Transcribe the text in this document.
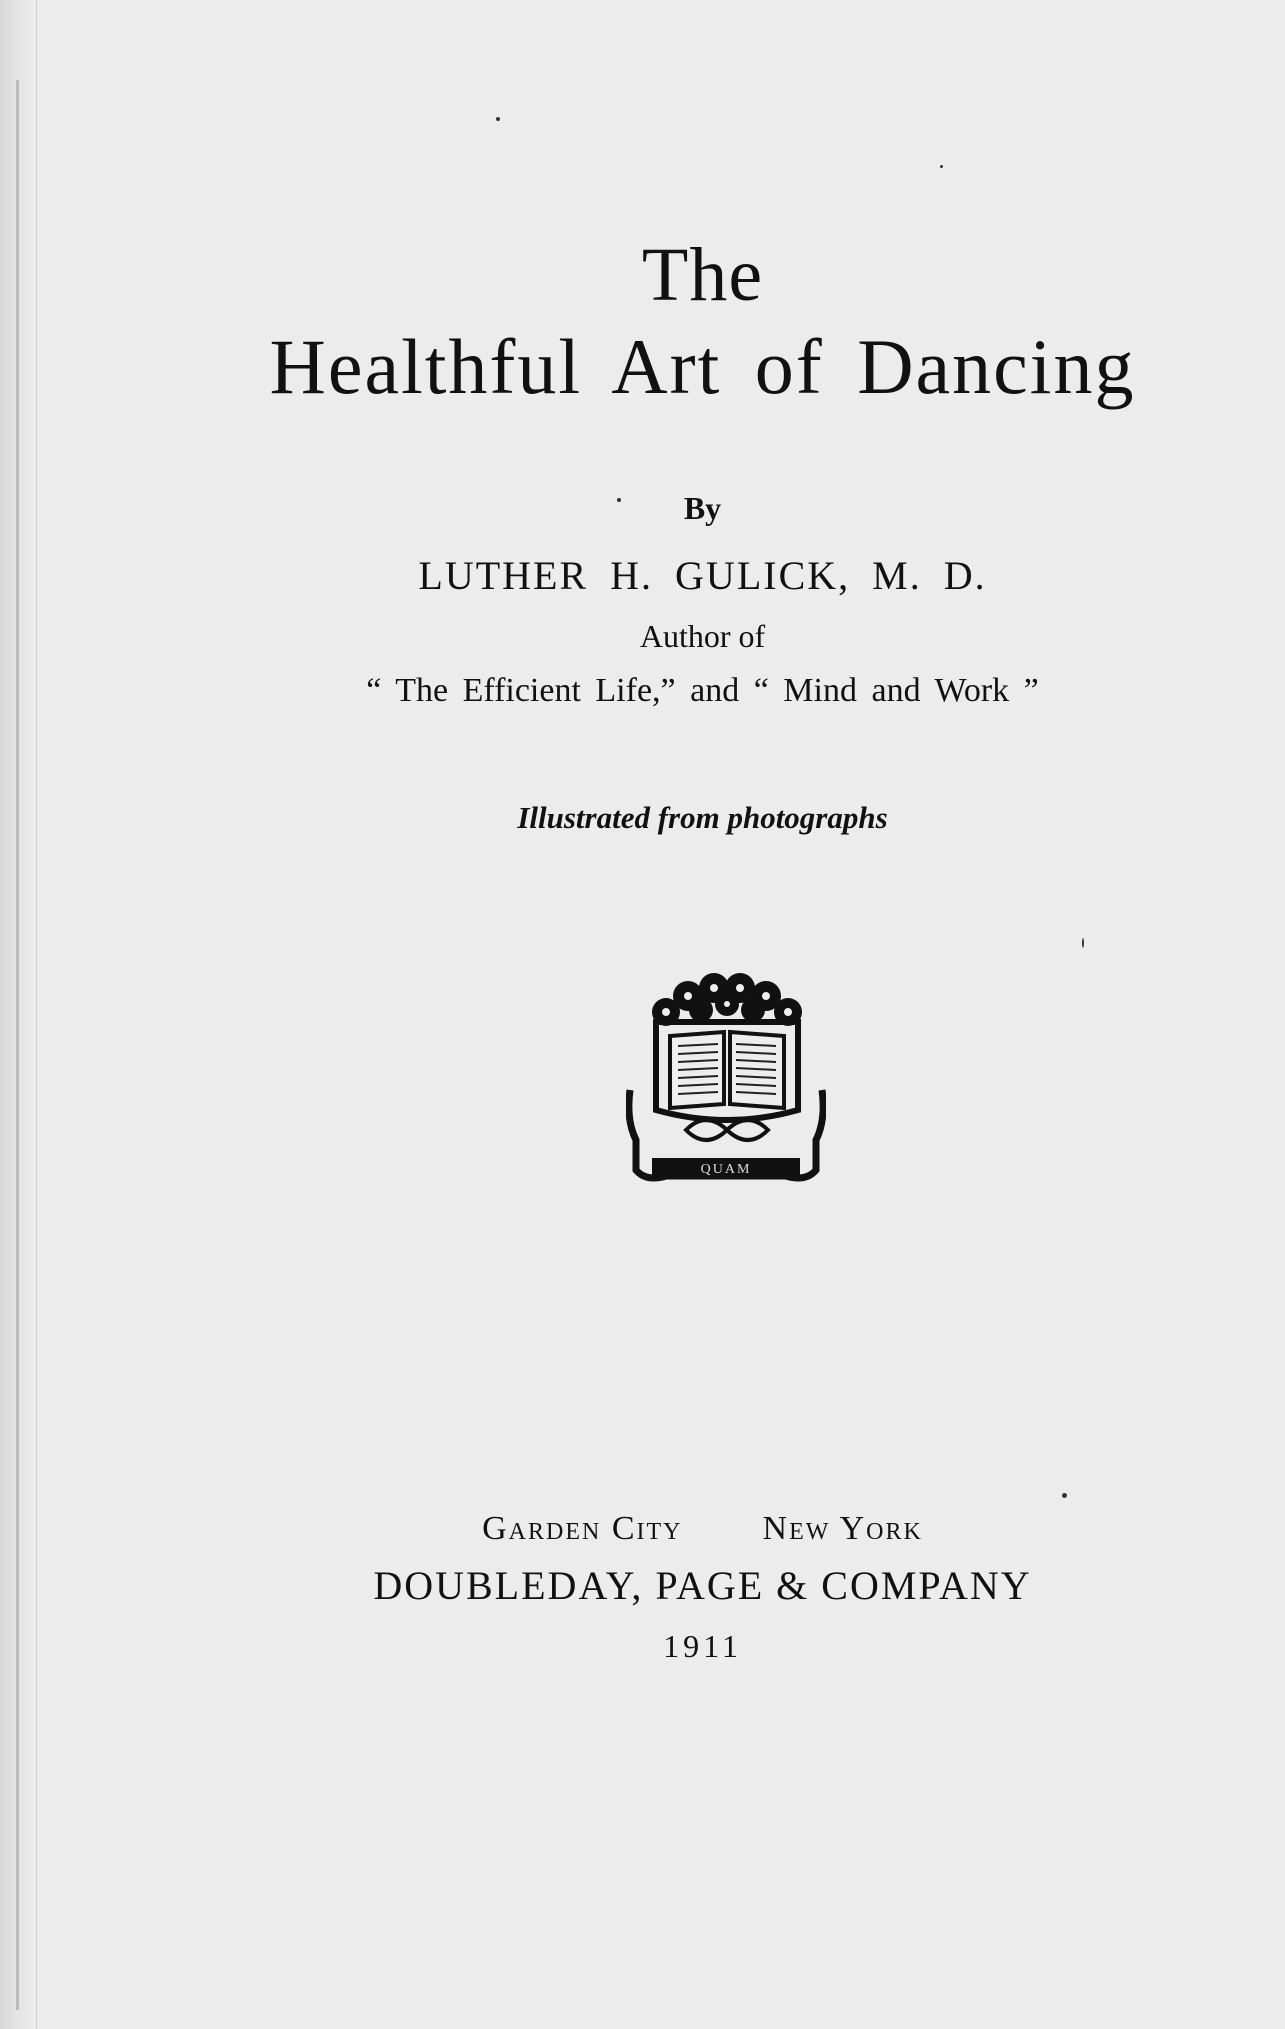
The
Healthful Art of Dancing
By
LUTHER H. GULICK, M. D.
Author of
“ The Efficient Life,” and “ Mind and Work ”
Illustrated from photographs
QUAM
Garden City New York
DOUBLEDAY, PAGE & COMPANY
1911
